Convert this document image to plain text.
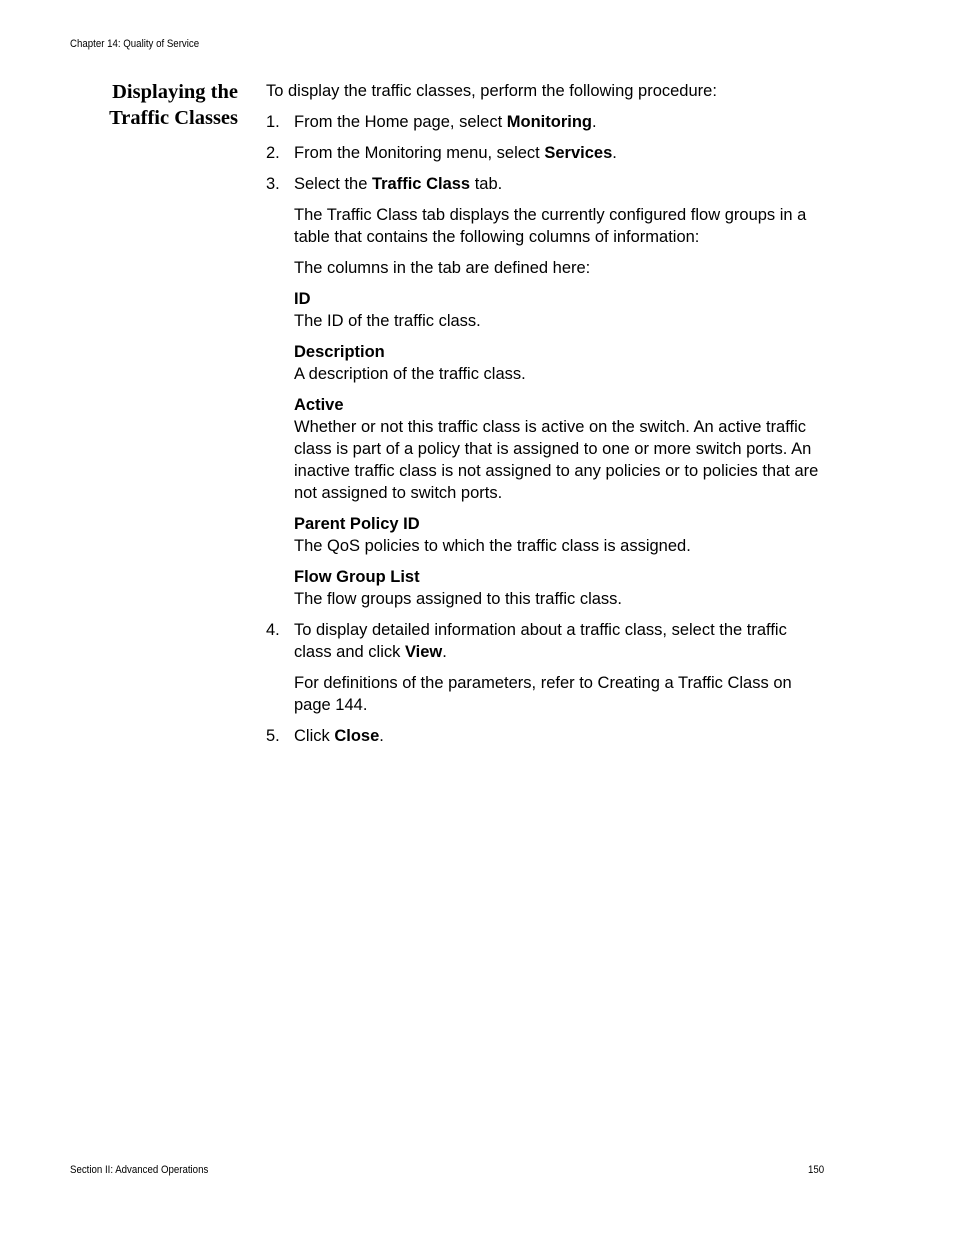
Chapter 14: Quality of Service
Displaying the
Traffic Classes

To display the traffic classes, perform the following procedure:

1. From the Home page, select Monitoring.
2. From the Monitoring menu, select Services.
3. Select the Traffic Class tab.

The Traffic Class tab displays the currently configured flow groups in a table that contains the following columns of information:

The columns in the tab are defined here:

ID
The ID of the traffic class.
Description
A description of the traffic class.
Active
Whether or not this traffic class is active on the switch. An active traffic class is part of a policy that is assigned to one or more switch ports. An inactive traffic class is not assigned to any policies or to policies that are not assigned to switch ports.
Parent Policy ID
The QoS policies to which the traffic class is assigned.
Flow Group List
The flow groups assigned to this traffic class.
4. To display detailed information about a traffic class, select the traffic class and click View.

For definitions of the parameters, refer to Creating a Traffic Class on page 144.

5. Click Close.
Section II: Advanced Operations	150
